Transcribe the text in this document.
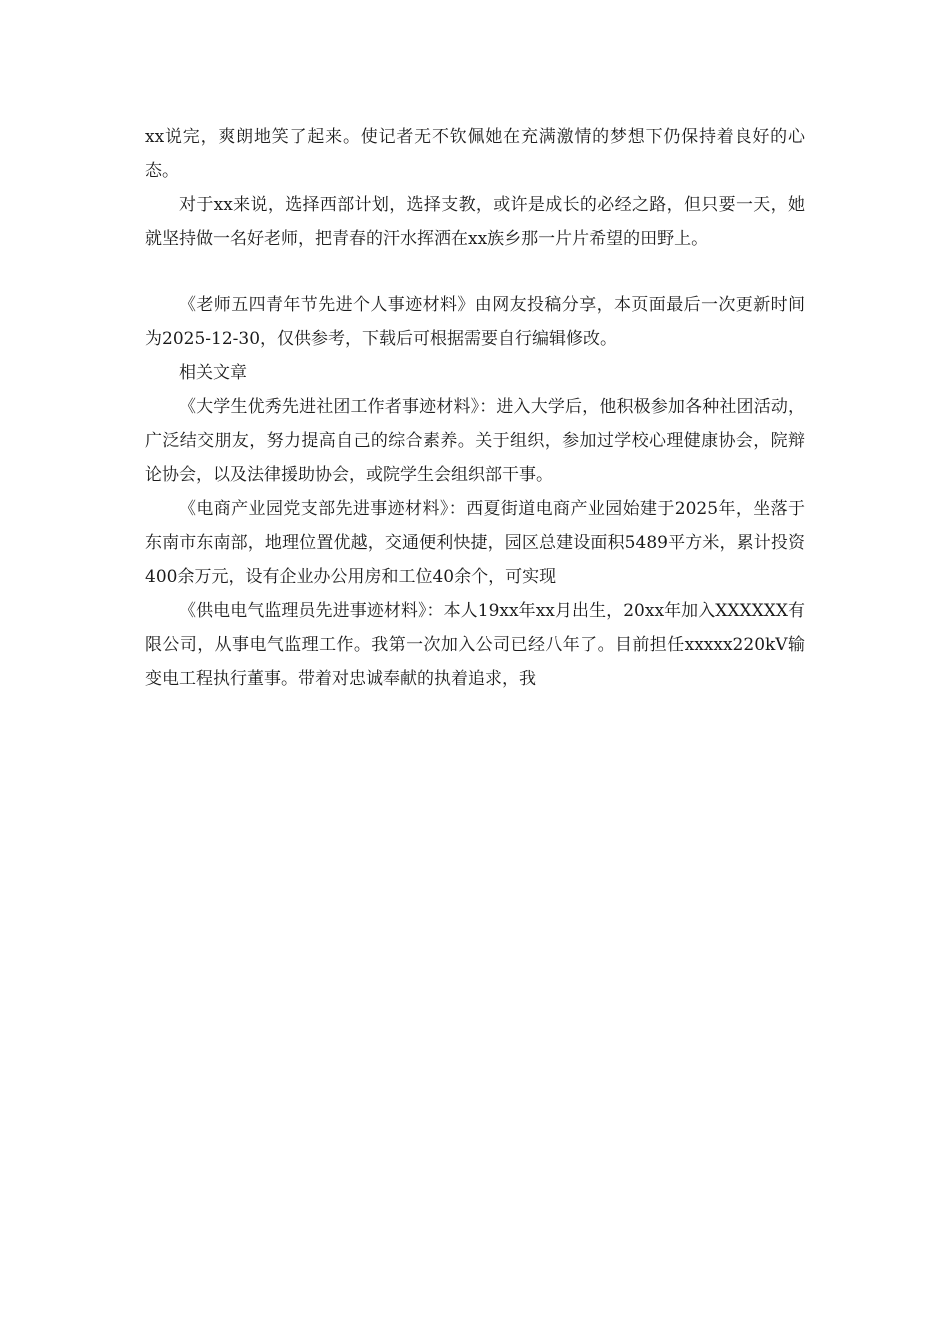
xx说完，爽朗地笑了起来。使记者无不钦佩她在充满激情的梦想下仍保持着良好的心态。

对于xx来说，选择西部计划，选择支教，或许是成长的必经之路，但只要一天，她就坚持做一名好老师，把青春的汗水挥洒在xx族乡那一片片希望的田野上。

《老师五四青年节先进个人事迹材料》由网友投稿分享，本页面最后一次更新时间为2025-12-30，仅供参考，下载后可根据需要自行编辑修改。

相关文章

《大学生优秀先进社团工作者事迹材料》：进入大学后，他积极参加各种社团活动，广泛结交朋友，努力提高自己的综合素养。关于组织，参加过学校心理健康协会，院辩论协会，以及法律援助协会，或院学生会组织部干事。

《电商产业园党支部先进事迹材料》：西夏街道电商产业园始建于2025年，坐落于东南市东南部，地理位置优越，交通便利快捷，园区总建设面积5489平方米，累计投资400余万元，设有企业办公用房和工位40余个，可实现

《供电电气监理员先进事迹材料》：本人19xx年xx月出生，20xx年加入XXXXXX有限公司，从事电气监理工作。我第一次加入公司已经八年了。目前担任xxxxx220kV输变电工程执行董事。带着对忠诚奉献的执着追求，我
